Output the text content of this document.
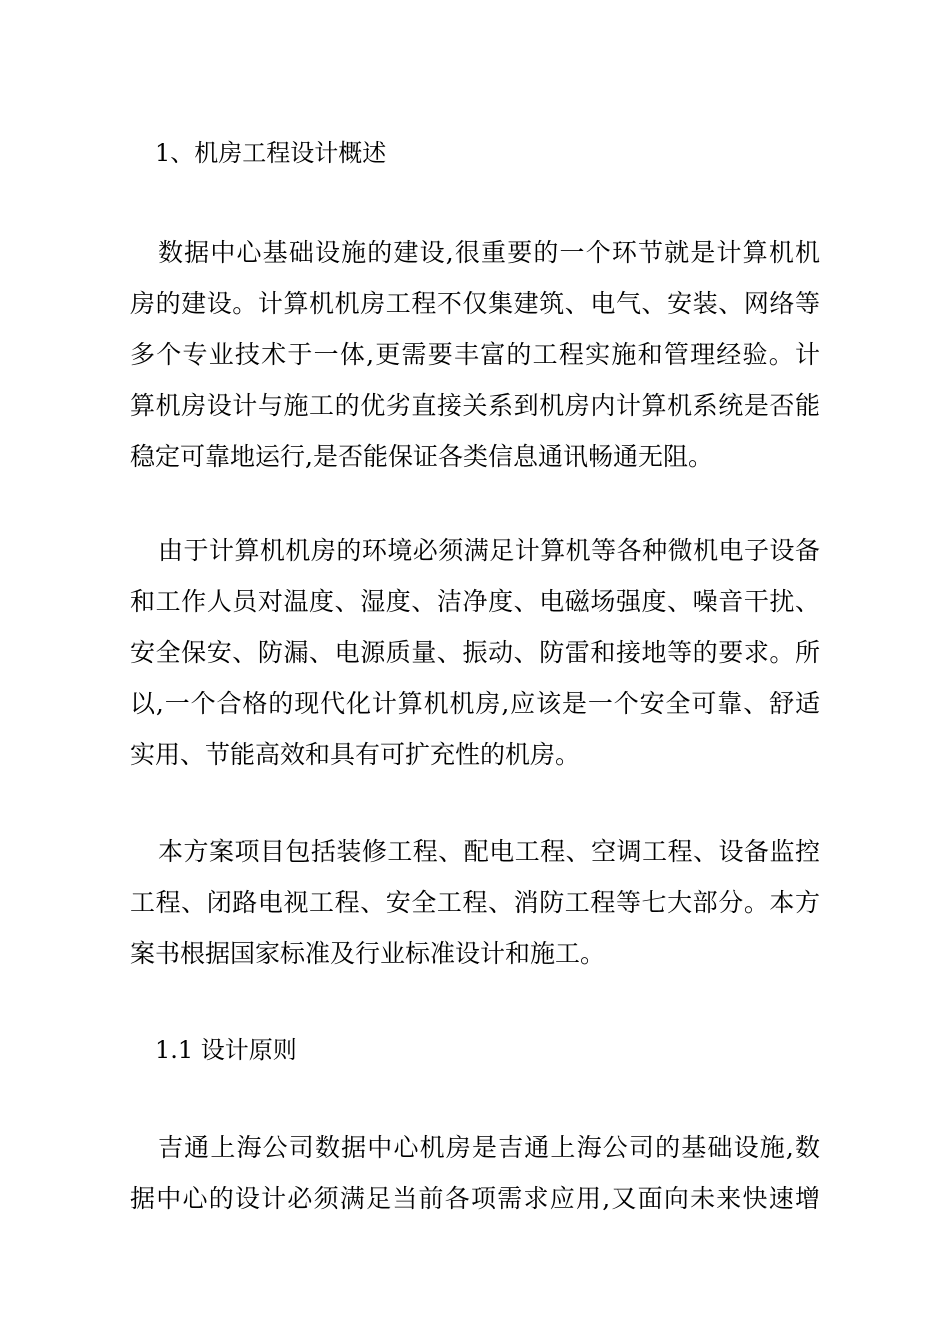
1、机房工程设计概述
数据中心基础设施的建设,很重要的一个环节就是计算机机
房的建设。计算机机房工程不仅集建筑、电气、安装、网络等
多个专业技术于一体,更需要丰富的工程实施和管理经验。计
算机房设计与施工的优劣直接关系到机房内计算机系统是否能
稳定可靠地运行,是否能保证各类信息通讯畅通无阻。
由于计算机机房的环境必须满足计算机等各种微机电子设备
和工作人员对温度、湿度、洁净度、电磁场强度、噪音干扰、
安全保安、防漏、电源质量、振动、防雷和接地等的要求。所
以,一个合格的现代化计算机机房,应该是一个安全可靠、舒适
实用、节能高效和具有可扩充性的机房。
本方案项目包括装修工程、配电工程、空调工程、设备监控
工程、闭路电视工程、安全工程、消防工程等七大部分。本方
案书根据国家标准及行业标准设计和施工。
1.1 设计原则
吉通上海公司数据中心机房是吉通上海公司的基础设施,数
据中心的设计必须满足当前各项需求应用,又面向未来快速增
